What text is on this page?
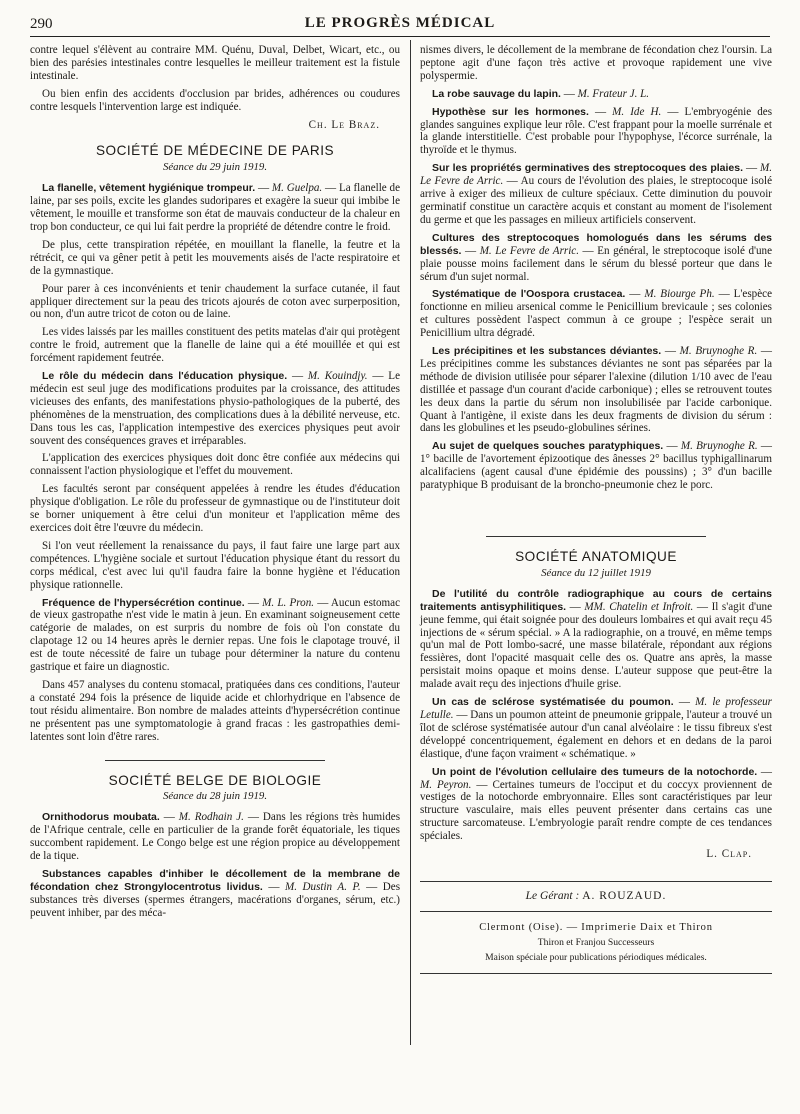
290	LE PROGRÈS MÉDICAL

contre lequel s'élèvent au contraire MM. Quénu, Duval, Delbet, Wicart, etc., ou bien des parésies intestinales contre lesquelles le meilleur traitement est la fistule intestinale.

Ou bien enfin des accidents d'occlusion par brides, adhérences ou coudures contre lesquels l'intervention large est indiquée.

Ch. Le Braz.
SOCIÉTÉ DE MÉDECINE DE PARIS
Séance du 29 juin 1919.

La flanelle, vêtement hygiénique trompeur. — M. Guelpa. — La flanelle de laine, par ses poils, excite les glandes sudoripares et exagère la sueur qui imbibe le vêtement, le mouille et transforme son état de mauvais conducteur de la chaleur en trop bon conducteur, ce qui lui fait perdre la propriété de détendre contre le froid.

De plus, cette transpiration répétée, en mouillant la flanelle, la feutre et la rétrécit, ce qui va gêner petit à petit les mouvements aisés de l'acte respiratoire et de la gymnastique.

Pour parer à ces inconvénients et tenir chaudement la surface cutanée, il faut appliquer directement sur la peau des tricots ajourés de coton avec surperposition, ou non, d'un autre tricot de coton ou de laine.

Les vides laissés par les mailles constituent des petits matelas d'air qui protègent contre le froid, autrement que la flanelle de laine qui a été mouillée et qui est forcément rapidement feutrée.

Le rôle du médecin dans l'éducation physique. — M. Kouindjy. — Le médecin est seul juge des modifications produites par la croissance, des attitudes vicieuses des enfants, des manifestations physio-pathologiques de la puberté, des phénomènes de la menstruation, des complications dues à la débilité nerveuse, etc. Dans tous les cas, l'application intempestive des exercices physiques peut avoir souvent des conséquences graves et irréparables.

L'application des exercices physiques doit donc être confiée aux médecins qui connaissent l'action physiologique et l'effet du mouvement.

Les facultés seront par conséquent appelées à rendre les études d'éducation physique d'obligation. Le rôle du professeur de gymnastique ou de l'instituteur doit se borner uniquement à être celui d'un moniteur et l'application même des exercices doit être l'œuvre du médecin.

Si l'on veut réellement la renaissance du pays, il faut faire une large part aux compétences. L'hygiène sociale et surtout l'éducation physique étant du ressort du corps médical, c'est avec lui qu'il faudra faire la bonne hygiène et l'éducation physique rationnelle.

Fréquence de l'hypersécrétion continue. — M. L. Pron. — Aucun estomac de vieux gastropathe n'est vide le matin à jeun. En examinant soigneusement cette catégorie de malades, on est surpris du nombre de fois où l'on constate du clapotage 12 ou 14 heures après le dernier repas. Une fois le clapotage trouvé, il est de toute nécessité de faire un tubage pour déterminer la nature du contenu gastrique et faire un diagnostic.

Dans 457 analyses du contenu stomacal, pratiquées dans ces conditions, l'auteur a constaté 294 fois la présence de liquide acide et chlorhydrique en l'absence de tout résidu alimentaire. Bon nombre de malades atteints d'hypersécrétion continue ne présentent pas une symptomatologie à grand fracas : les gastropathies demi-latentes sont loin d'être rares.

SOCIÉTÉ BELGE DE BIOLOGIE
Séance du 28 juin 1919.

Ornithodorus moubata. — M. Rodhain J. — Dans les régions très humides de l'Afrique centrale, celle en particulier de la grande forêt équatoriale, les tiques succombent rapidement. Le Congo belge est une région propice au développement de la tique.

Substances capables d'inhiber le décollement de la membrane de fécondation chez Strongylocentrotus lividus. — M. Dustin A. P. — Des substances très diverses (spermes étrangers, macérations d'organes, sérum, etc.) peuvent inhiber, par des méca-

nismes divers, le décollement de la membrane de fécondation chez l'oursin. La peptone agit d'une façon très active et provoque rapidement une vive polyspermie.

La robe sauvage du lapin. — M. Frateur J. L.

Hypothèse sur les hormones. — M. Ide H. — L'embryogénie des glandes sanguines explique leur rôle. C'est frappant pour la moelle surrénale et la glande interstitielle. C'est probable pour l'hypophyse, l'écorce surrénale, la thyroïde et le thymus.

Sur les propriétés germinatives des streptocoques des plaies. — M. Le Fevre de Arric. — Au cours de l'évolution des plaies, le streptocoque isolé arrive à exiger des milieux de culture spéciaux. Cette diminution du pouvoir germinatif constitue un caractère acquis et constant au moment de l'isolement du germe et que les passages en milieux artificiels conservent.

Cultures des streptocoques homologués dans les sérums des blessés. — M. Le Fevre de Arric. — En général, le streptocoque isolé d'une plaie pousse moins facilement dans le sérum du blessé porteur que dans le sérum d'un sujet normal.

Systématique de l'Oospora crustacea. — M. Biourge Ph. — L'espèce fonctionne en milieu arsenical comme le Penicillium brevicaule ; ses colonies et cultures possèdent l'aspect commun à ce groupe ; l'espèce serait un Penicillium ultra dégradé.

Les précipitines et les substances déviantes. — M. Bruynoghe R. — Les précipitines comme les substances déviantes ne sont pas séparées par la méthode de division utilisée pour séparer l'alexine (dilution 1/10 avec de l'eau distillée et passage d'un courant d'acide carbonique) ; elles se retrouvent toutes les deux dans la partie du sérum non insolubilisée par l'acide carbonique. Quant à l'antigène, il existe dans les deux fragments de division du sérum : dans les globulines et les pseudo-globulines sérines.

Au sujet de quelques souches paratyphiques. — M. Bruynoghe R. — 1° bacille de l'avortement épizootique des ânesses 2° bacillus typhigallinarum alcalifaciens (agent causal d'une épidémie des poussins) ; 3° d'un bacille paratyphique B produisant de la broncho-pneumonie chez le porc.

SOCIÉTÉ ANATOMIQUE
Séance du 12 juillet 1919

De l'utilité du contrôle radiographique au cours de certains traitements antisyphilitiques. — MM. Chatelin et Infroit. — Il s'agit d'une jeune femme, qui était soignée pour des douleurs lombaires et qui avait reçu 45 injections de « sérum spécial. » A la radiographie, on a trouvé, en même temps qu'un mal de Pott lombo-sacré, une masse bilatérale, répondant aux régions fessières, dont l'opacité masquait celle des os. Quatre ans après, la masse persistait moins opaque et moins dense. L'auteur suppose que peut-être la malade avait reçu des injections d'huile grise.

Un cas de sclérose systématisée du poumon. — M. le professeur Letulle. — Dans un poumon atteint de pneumonie grippale, l'auteur a trouvé un îlot de sclérose systématisée autour d'un canal alvéolaire : le tissu fibreux s'est développé concentriquement, également en dehors et en dedans de la paroi élastique, d'une façon vraiment « schématique. »

Un point de l'évolution cellulaire des tumeurs de la notochorde. — M. Peyron. — Certaines tumeurs de l'occiput et du coccyx proviennent de vestiges de la notochorde embryonnaire. Elles sont caractéristiques par leur structure vasculaire, mais elles peuvent présenter dans certains cas une structure sarcomateuse. L'embryologie paraît rendre compte de ces tendances spéciales.

L. Clap.
Le Gérant : A. ROUZAUD.
Clermont (Oise). — Imprimerie Daix et Thiron
Thiron et Franjou Successeurs
Maison spéciale pour publications périodiques médicales.
